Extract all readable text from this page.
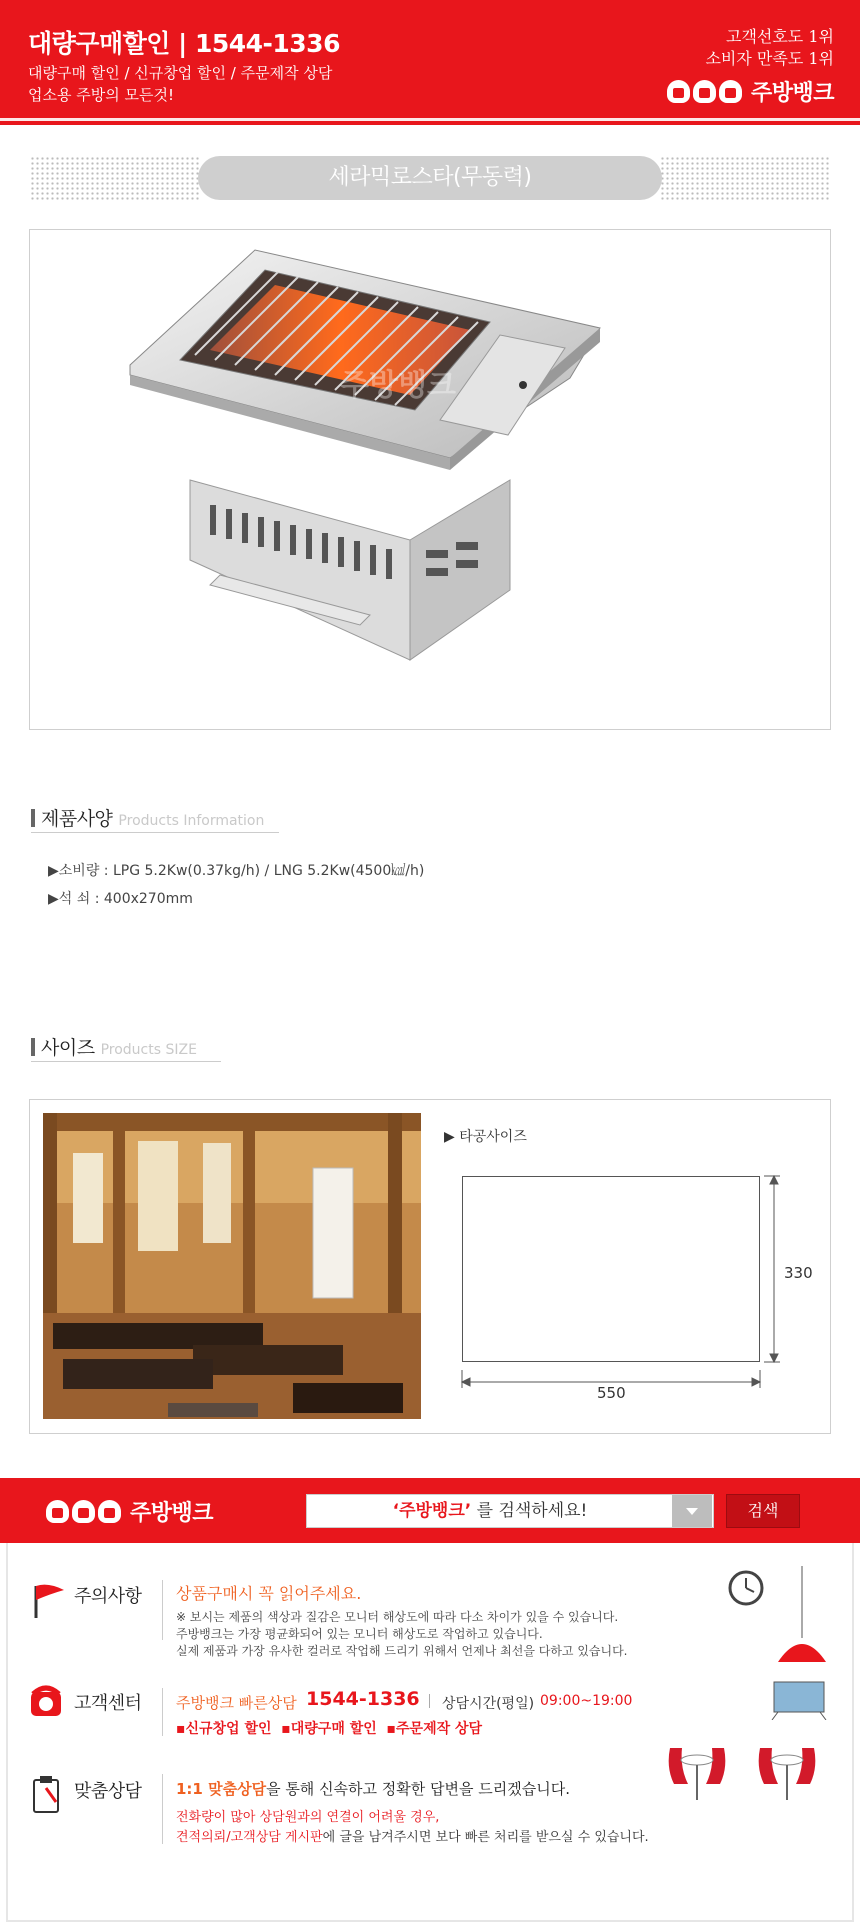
대량구매할인 | 1544-1336
대량구매 할인 / 신규창업 할인 / 주문제작 상담
업소용 주방의 모든것!
고객선호도 1위
소비자 만족도 1위
주방뱅크
세라믹로스타(무동력)
주방뱅크
제품사양 Products Information
▶소비량 : LPG 5.2Kw(0.37kg/h) / LNG 5.2Kw(4500㎉/h)
▶석 쇠 : 400x270mm
사이즈 Products SIZE
▶ 타공사이즈
330
550
주방뱅크	‘주방뱅크’ 를 검색하세요!	검색
주의사항 상품구매시 꼭 읽어주세요.
※ 보시는 제품의 색상과 질감은 모니터 해상도에 따라 다소 차이가 있을 수 있습니다.
주방뱅크는 가장 평균화되어 있는 모니터 해상도로 작업하고 있습니다.
실제 제품과 가장 유사한 컬러로 작업해 드리기 위해서 언제나 최선을 다하고 있습니다.
고객센터 주방뱅크 빠른상담 1544-1336 상담시간(평일) 09:00~19:00
▪신규창업 할인 ▪대량구매 할인 ▪주문제작 상담
맞춤상담 1:1 맞춤상담을 통해 신속하고 정확한 답변을 드리겠습니다.
전화량이 많아 상담원과의 연결이 어려울 경우,
견적의뢰/고객상담 게시판에 글을 남겨주시면 보다 빠른 처리를 받으실 수 있습니다.
